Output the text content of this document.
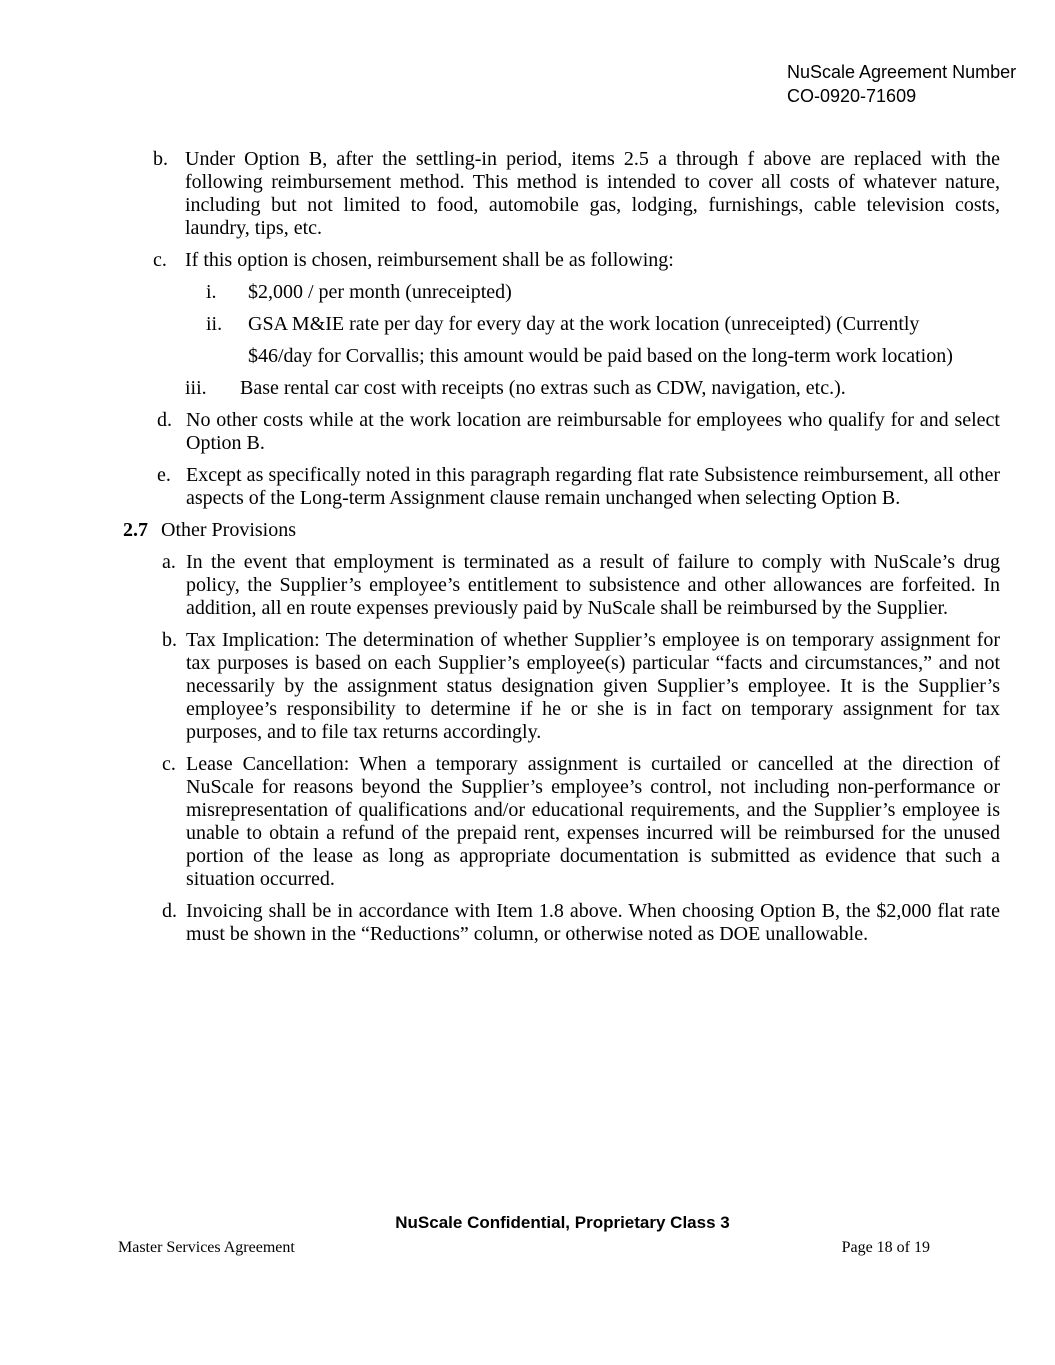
NuScale Agreement Number
CO-0920-71609
b. Under Option B, after the settling-in period, items 2.5 a through f above are replaced with the following reimbursement method. This method is intended to cover all costs of whatever nature, including but not limited to food, automobile gas, lodging, furnishings, cable television costs, laundry, tips, etc.
c. If this option is chosen, reimbursement shall be as following:
i.	$2,000 / per month (unreceipted)
ii.	GSA M&IE rate per day for every day at the work location (unreceipted) (Currently
$46/day for Corvallis; this amount would be paid based on the long-term work location)
iii.	Base rental car cost with receipts (no extras such as CDW, navigation, etc.).
d. No other costs while at the work location are reimbursable for employees who qualify for and select Option B.
e. Except as specifically noted in this paragraph regarding flat rate Subsistence reimbursement, all other aspects of the Long-term Assignment clause remain unchanged when selecting Option B.
2.7 Other Provisions
a. In the event that employment is terminated as a result of failure to comply with NuScale’s drug policy, the Supplier’s employee’s entitlement to subsistence and other allowances are forfeited. In addition, all en route expenses previously paid by NuScale shall be reimbursed by the Supplier.
b. Tax Implication: The determination of whether Supplier’s employee is on temporary assignment for tax purposes is based on each Supplier’s employee(s) particular “facts and circumstances,” and not necessarily by the assignment status designation given Supplier’s employee. It is the Supplier’s employee’s responsibility to determine if he or she is in fact on temporary assignment for tax purposes, and to file tax returns accordingly.
c. Lease Cancellation: When a temporary assignment is curtailed or cancelled at the direction of NuScale for reasons beyond the Supplier’s employee’s control, not including non-performance or misrepresentation of qualifications and/or educational requirements, and the Supplier’s employee is unable to obtain a refund of the prepaid rent, expenses incurred will be reimbursed for the unused portion of the lease as long as appropriate documentation is submitted as evidence that such a situation occurred.
d. Invoicing shall be in accordance with Item 1.8 above. When choosing Option B, the $2,000 flat rate must be shown in the “Reductions” column, or otherwise noted as DOE unallowable.
NuScale Confidential, Proprietary Class 3
Master Services Agreement	Page 18 of 19
